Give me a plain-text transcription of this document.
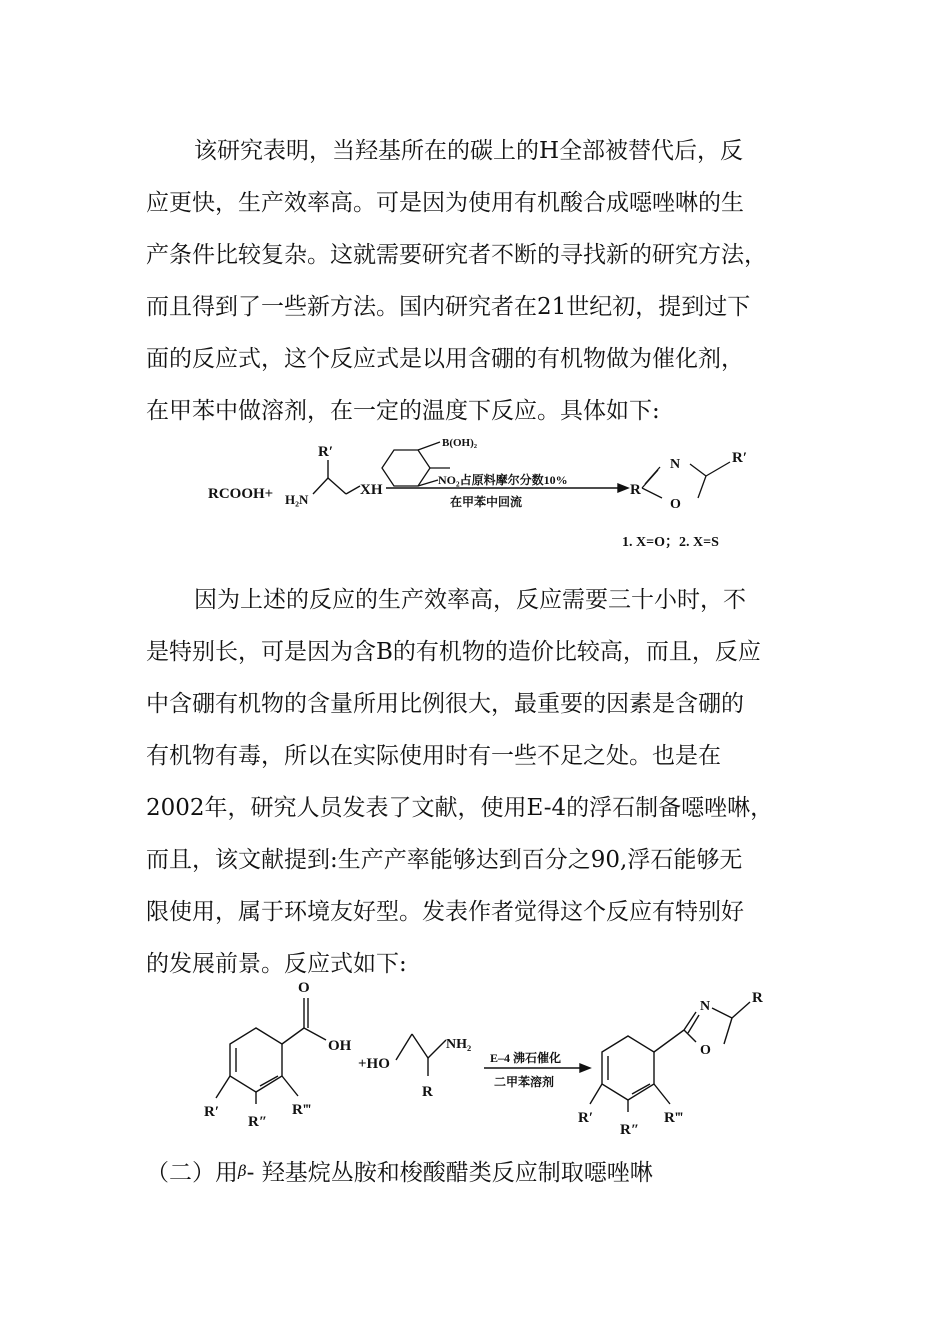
该研究表明，当羟基所在的碳上的H全部被替代后，反
应更快，生产效率高。可是因为使用有机酸合成噁唑啉的生
产条件比较复杂。这就需要研究者不断的寻找新的研究方法，
而且得到了一些新方法。国内研究者在21世纪初，提到过下
面的反应式，这个反应式是以用含硼的有机物做为催化剂，
在甲苯中做溶剂，在一定的温度下反应。具体如下:
RCOOH+ H₂N
R′
XH
B(OH)₂
NO₂占原料摩尔分数10%
在甲苯中回流
R
N
O
R′
1. X=O；2. X=S
因为上述的反应的生产效率高，反应需要三十小时，不
是特别长，可是因为含B的有机物的造价比较高，而且，反应
中含硼有机物的含量所用比例很大，最重要的因素是含硼的
有机物有毒，所以在实际使用时有一些不足之处。也是在
2002年，研究人员发表了文献，使用E-4的浮石制备噁唑啉，
而且，该文献提到:生产产率能够达到百分之90,浮石能够无
限使用，属于环境友好型。发表作者觉得这个反应有特别好
的发展前景。反应式如下:
O
OH
R′
R″
R‴
+HO
NH₂
R
E–4 沸石催化
二甲苯溶剂
N
O
R
R′
R″
R‴

（二）用β- 羟基烷丛胺和梭酸醋类反应制取噁唑啉
